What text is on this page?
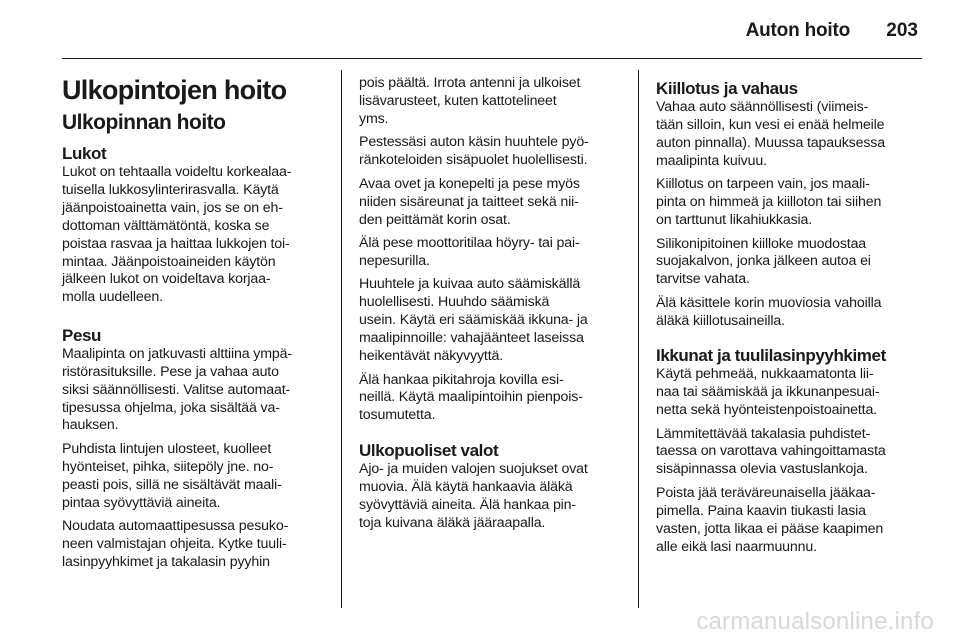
Auton hoito 203
Ulkopintojen hoito
Ulkopinnan hoito
Lukot

Lukot on tehtaalla voideltu korkealaa-
tuisella lukkosylinterirasvalla. Käytä
jäänpoistoainetta vain, jos se on eh-
dottoman välttämätöntä, koska se
poistaa rasvaa ja haittaa lukkojen toi-
mintaa. Jäänpoistoaineiden käytön
jälkeen lukot on voideltava korjaa-
molla uudelleen.

Pesu

Maalipinta on jatkuvasti alttiina ympä-
ristörasituksille. Pese ja vahaa auto
siksi säännöllisesti. Valitse automaat-
tipesussa ohjelma, joka sisältää va-
hauksen.

Puhdista lintujen ulosteet, kuolleet
hyönteiset, pihka, siitepöly jne. no-
peasti pois, sillä ne sisältävät maali-
pintaa syövyttäviä aineita.

Noudata automaattipesussa pesuko-
neen valmistajan ohjeita. Kytke tuuli-
lasinpyyhkimet ja takalasin pyyhin

pois päältä. Irrota antenni ja ulkoiset
lisävarusteet, kuten kattotelineet
yms.

Pestessäsi auton käsin huuhtele pyö-
ränkoteloiden sisäpuolet huolellisesti.

Avaa ovet ja konepelti ja pese myös
niiden sisäreunat ja taitteet sekä nii-
den peittämät korin osat.

Älä pese moottoritilaa höyry- tai pai-
nepesurilla.

Huuhtele ja kuivaa auto säämiskällä
huolellisesti. Huuhdo säämiskä
usein. Käytä eri säämiskää ikkuna- ja
maalipinnoille: vahajäänteet laseissa
heikentävät näkyvyyttä.

Älä hankaa pikitahroja kovilla esi-
neillä. Käytä maalipintoihin pienpois-
tosumutetta.

Ulkopuoliset valot

Ajo- ja muiden valojen suojukset ovat
muovia. Älä käytä hankaavia äläkä
syövyttäviä aineita. Älä hankaa pin-
toja kuivana äläkä jääraapalla.

Kiillotus ja vahaus

Vahaa auto säännöllisesti (viimeis-
tään silloin, kun vesi ei enää helmeile
auton pinnalla). Muussa tapauksessa
maalipinta kuivuu.

Kiillotus on tarpeen vain, jos maali-
pinta on himmeä ja kiilloton tai siihen
on tarttunut likahiukkasia.

Silikonipitoinen kiilloke muodostaa
suojakalvon, jonka jälkeen autoa ei
tarvitse vahata.

Älä käsittele korin muoviosia vahoilla
äläkä kiillotusaineilla.

Ikkunat ja tuulilasinpyyhkimet

Käytä pehmeää, nukkaamatonta lii-
naa tai säämiskää ja ikkunanpesuai-
netta sekä hyönteistenpoistoainetta.

Lämmitettävää takalasia puhdistet-
taessa on varottava vahingoittamasta
sisäpinnassa olevia vastuslankoja.

Poista jää teräväreunaisella jääkaa-
pimella. Paina kaavin tiukasti lasia
vasten, jotta likaa ei pääse kaapimen
alle eikä lasi naarmuunnu.

carmanualsonline.info
